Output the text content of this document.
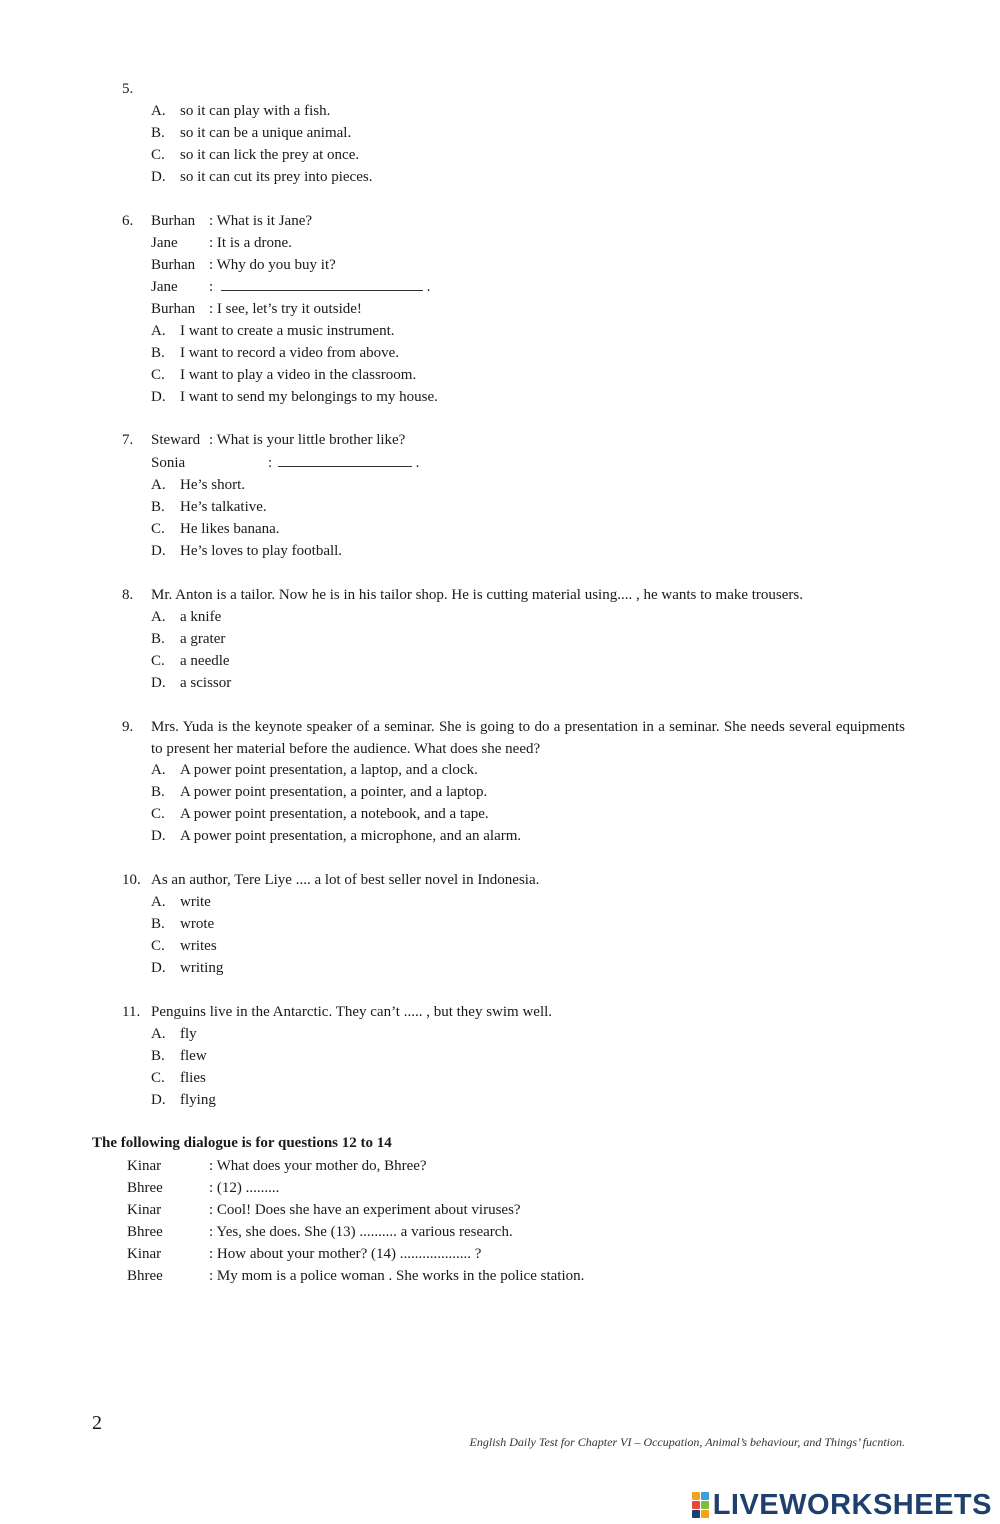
5.
A. so it can play with a fish.
B. so it can be a unique animal.
C. so it can lick the prey at once.
D. so it can cut its prey into pieces.
6. Burhan : What is it Jane?
Jane : It is a drone.
Burhan : Why do you buy it?
Jane :	.
Burhan : I see, let’s try it outside!
A. I want to create a music instrument.
B. I want to record a video from above.
C. I want to play a video in the classroom.
D. I want to send my belongings to my house.
7. Steward : What is your little brother like?
Sonia	:	.
A. He’s short.
B. He’s talkative.
C. He likes banana.
D. He’s loves to play football.
8. Mr. Anton is a tailor. Now he is in his tailor shop. He is cutting material using.... , he wants to make trousers.
A. a knife
B. a grater
C. a needle
D. a scissor
9. Mrs. Yuda is the keynote speaker of a seminar. She is going to do a presentation in a seminar. She needs several equipments to present her material before the audience. What does she need?
A. A power point presentation, a laptop, and a clock.
B. A power point presentation, a pointer, and a laptop.
C. A power point presentation, a notebook, and a tape.
D. A power point presentation, a microphone, and an alarm.
10. As an author, Tere Liye .... a lot of best seller novel in Indonesia.
A. write
B. wrote
C. writes
D. writing
11. Penguins live in the Antarctic. They can’t ..... , but they swim well.
A. fly
B. flew
C. flies
D. flying
The following dialogue is for questions 12 to 14
Kinar	: What does your mother do, Bhree?
Bhree	: (12) .........
Kinar	: Cool! Does she have an experiment about viruses?
Bhree	: Yes, she does. She (13) .......... a various research.
Kinar	: How about your mother? (14) ................... ?
Bhree	: My mom is a police woman . She works in the police station.
2
English Daily Test for Chapter VI – Occupation, Animal’s behaviour, and Things’ fucntion.
LIVEWORKSHEETS
